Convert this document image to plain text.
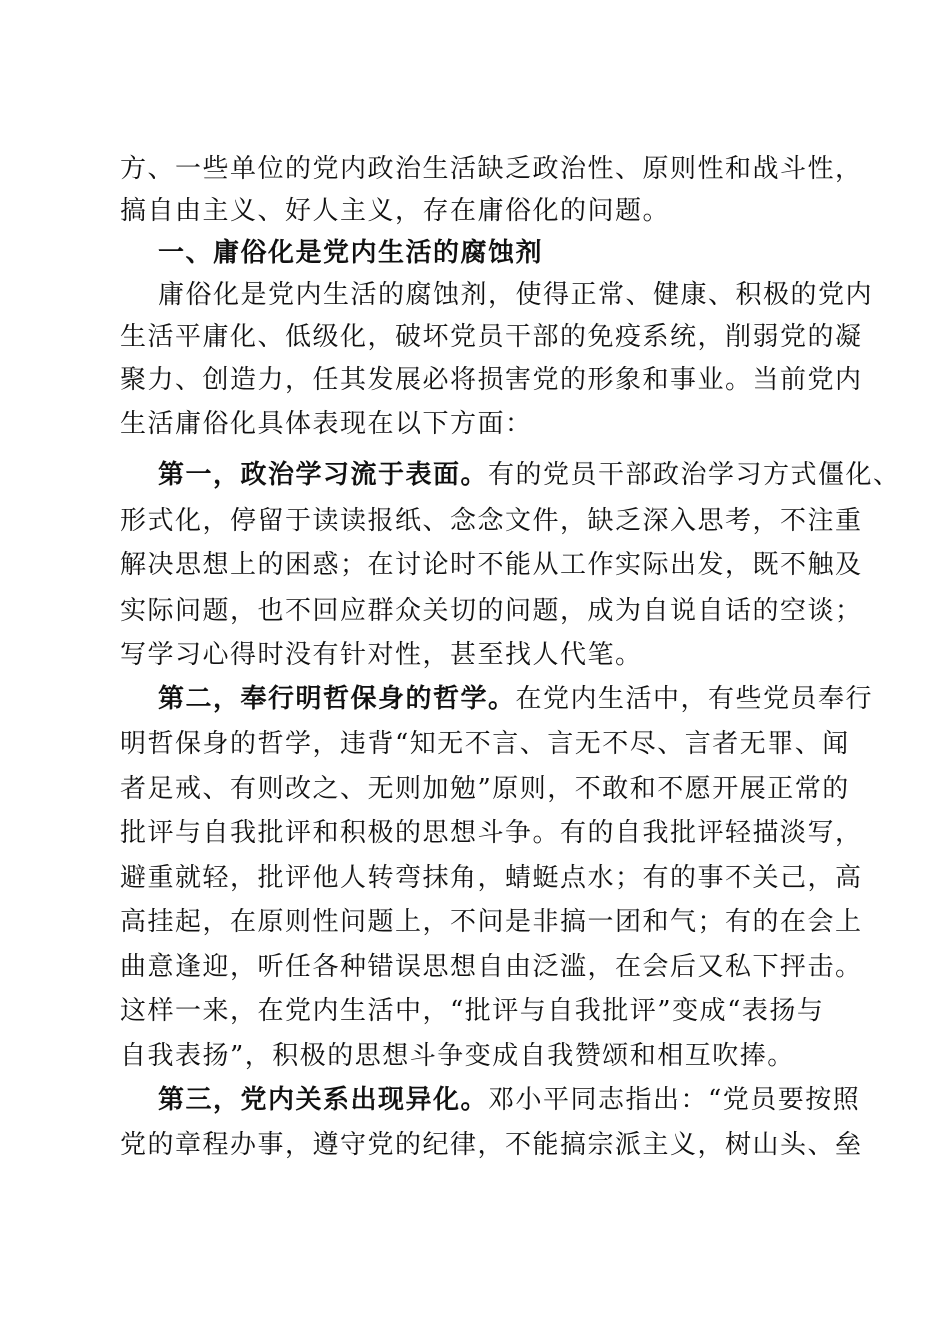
方、一些单位的党内政治生活缺乏政治性、原则性和战斗性，
搞自由主义、好人主义，存在庸俗化的问题。
一、庸俗化是党内生活的腐蚀剂
庸俗化是党内生活的腐蚀剂，使得正常、健康、积极的党内
生活平庸化、低级化，破坏党员干部的免疫系统，削弱党的凝
聚力、创造力，任其发展必将损害党的形象和事业。当前党内
生活庸俗化具体表现在以下方面：
第一，政治学习流于表面。有的党员干部政治学习方式僵化、
形式化，停留于读读报纸、念念文件，缺乏深入思考，不注重
解决思想上的困惑；在讨论时不能从工作实际出发，既不触及
实际问题，也不回应群众关切的问题，成为自说自话的空谈；
写学习心得时没有针对性，甚至找人代笔。
第二，奉行明哲保身的哲学。在党内生活中，有些党员奉行
明哲保身的哲学，违背“知无不言、言无不尽、言者无罪、闻
者足戒、有则改之、无则加勉”原则，不敢和不愿开展正常的
批评与自我批评和积极的思想斗争。有的自我批评轻描淡写，
避重就轻，批评他人转弯抹角，蜻蜓点水；有的事不关己，高
高挂起，在原则性问题上，不问是非搞一团和气；有的在会上
曲意逢迎，听任各种错误思想自由泛滥，在会后又私下抨击。
这样一来，在党内生活中，“批评与自我批评”变成“表扬与
自我表扬”，积极的思想斗争变成自我赞颂和相互吹捧。
第三，党内关系出现异化。邓小平同志指出：“党员要按照
党的章程办事，遵守党的纪律，不能搞宗派主义，树山头、垒
